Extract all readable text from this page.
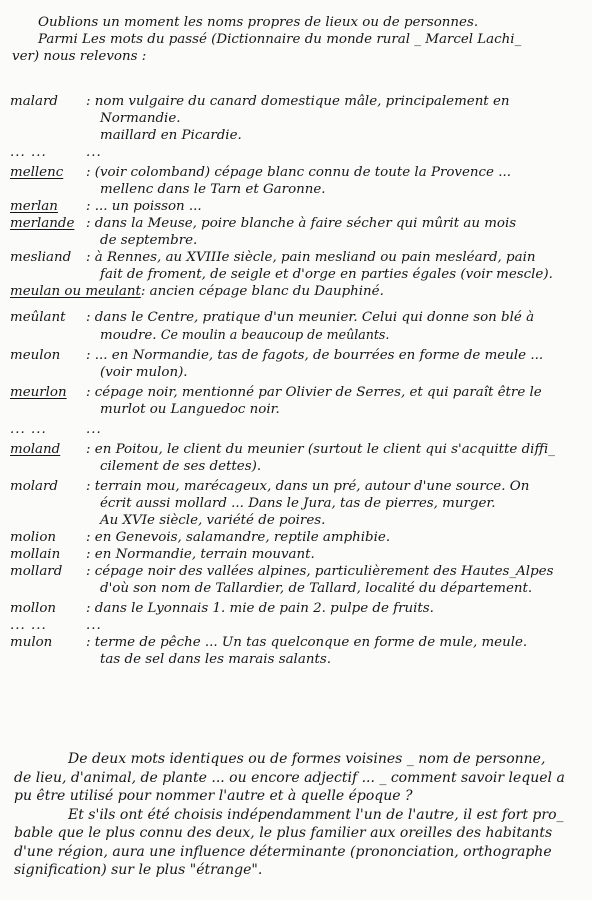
Oublions un moment les noms propres de lieux ou de personnes.

Parmi Les mots du passé (Dictionnaire du monde rural _ Marcel Lachi_

ver) nous relevons :

malard	: nom vulgaire du canard domestique mâle, principalement en

Normandie.

maillard en Picardie.

... ...	...
mellenc	: (voir colomband) cépage blanc connu de toute la Provence ...

mellenc dans le Tarn et Garonne.

merlan	: ... un poisson ...

merlande : dans la Meuse, poire blanche à faire sécher qui mûrit au mois

de septembre.

mesliand	: à Rennes, au XVIIIe siècle, pain mesliand ou pain mesléard, pain

fait de froment, de seigle et d'orge en parties égales (voir mescle).

meulan ou meulant : ancien cépage blanc du Dauphiné.

meûlant	: dans le Centre, pratique d'un meunier. Celui qui donne son blé à

moudre. Ce moulin a beaucoup de meûlants.

meulon	: ... en Normandie, tas de fagots, de bourrées en forme de meule ...

(voir mulon).

meurlon	: cépage noir, mentionné par Olivier de Serres, et qui paraît être le

murlot ou Languedoc noir.

... ...	...
moland	: en Poitou, le client du meunier (surtout le client qui s'acquitte diffi_

cilement de ses dettes).

molard	: terrain mou, marécageux, dans un pré, autour d'une source. On

écrit aussi mollard ... Dans le Jura, tas de pierres, murger.

Au XVIe siècle, variété de poires.

molion	: en Genevois, salamandre, reptile amphibie.

mollain	: en Normandie, terrain mouvant.

mollard	: cépage noir des vallées alpines, particulièrement des Hautes_Alpes

d'où son nom de Tallardier, de Tallard, localité du département.

mollon	: dans le Lyonnais 1. mie de pain 2. pulpe de fruits.

... ...	...
mulon	: terme de pêche ... Un tas quelconque en forme de mule, meule.

tas de sel dans les marais salants.

De deux mots identiques ou de formes voisines _ nom de personne,

de lieu, d'animal, de plante ... ou encore adjectif ... _ comment savoir lequel a

pu être utilisé pour nommer l'autre et à quelle époque ?

Et s'ils ont été choisis indépendamment l'un de l'autre, il est fort pro_

bable que le plus connu des deux, le plus familier aux oreilles des habitants

d'une région, aura une influence déterminante (prononciation, orthographe

signification) sur le plus "étrange".
